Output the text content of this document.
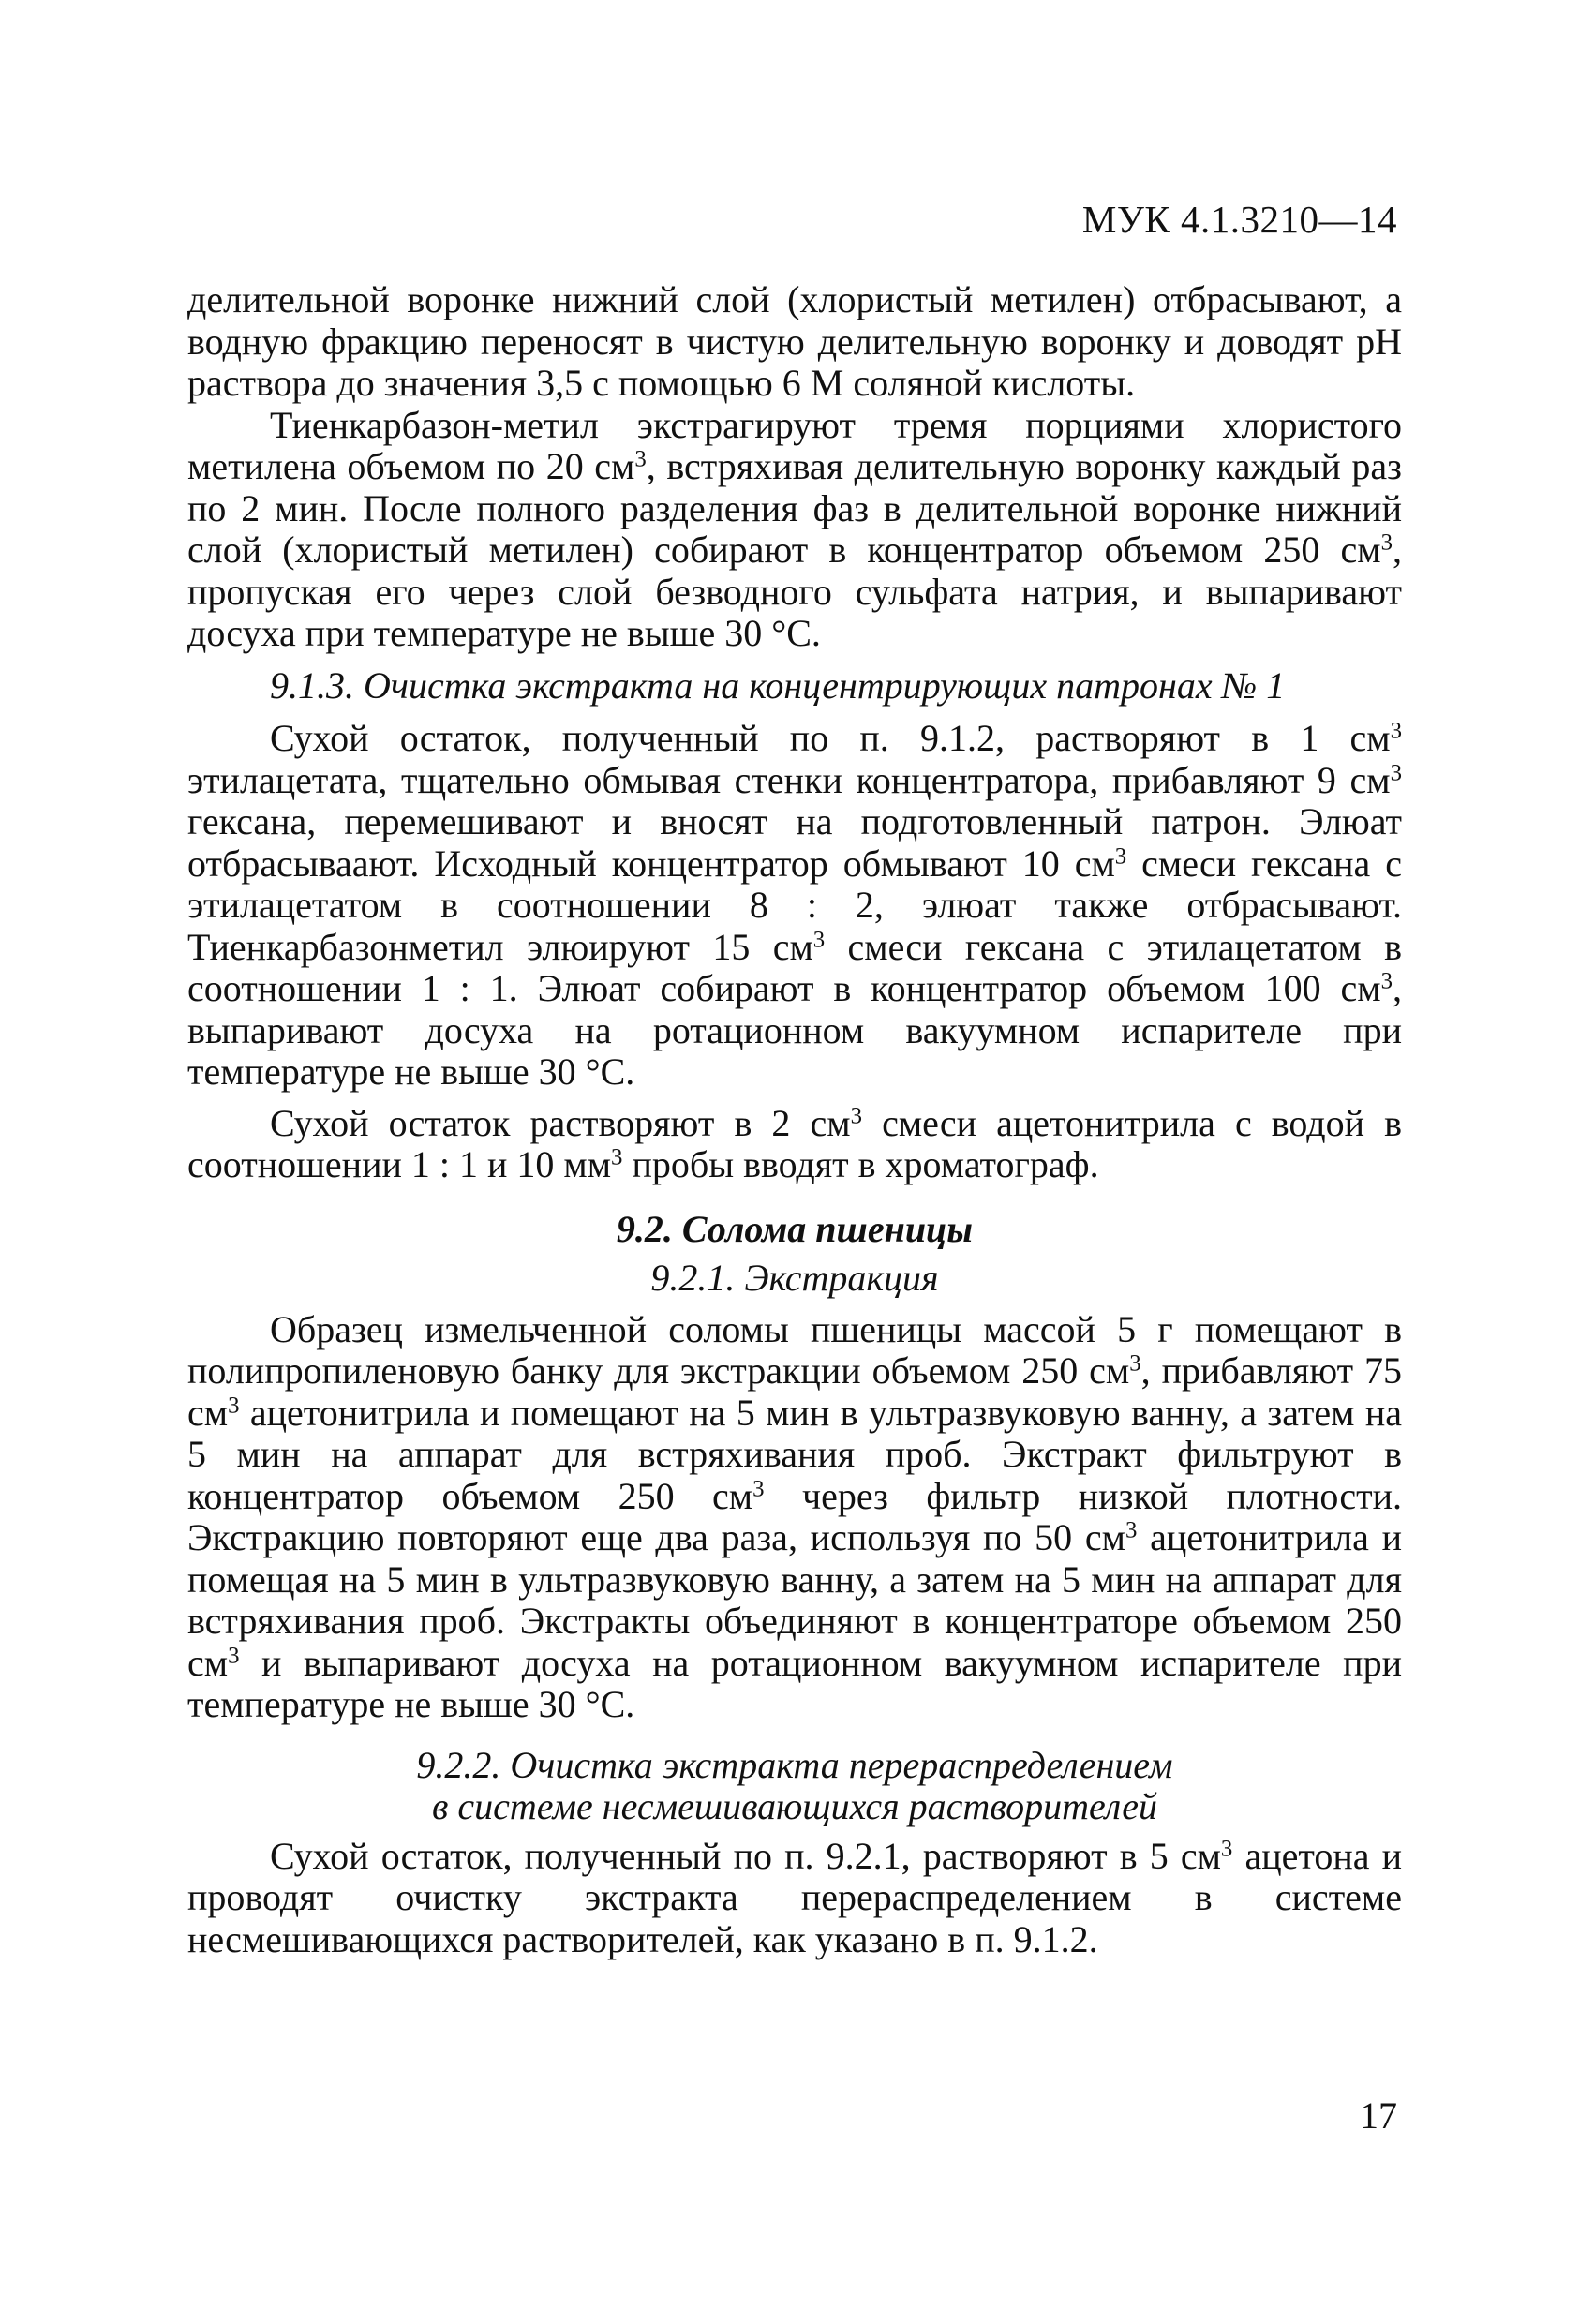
МУК 4.1.3210—14

делительной воронке нижний слой (хлористый метилен) отбрасывают, а водную фракцию переносят в чистую делительную воронку и доводят рН раствора до значения 3,5 с помощью 6 М соляной кислоты.

Тиенкарбазон-метил экстрагируют тремя порциями хлористого метилена объемом по 20 $см^3$, встряхивая делительную воронку каждый раз по 2 мин. После полного разделения фаз в делительной воронке нижний слой (хлористый метилен) собирают в концентратор объемом 250 $см^3$, пропуская его через слой безводного сульфата натрия, и выпаривают досуха при температуре не выше 30 °С.

9.1.3. Очистка экстракта на концентрирующих патронах № 1

Сухой остаток, полученный по п. 9.1.2, растворяют в 1 $см^3$ этилацетата, тщательно обмывая стенки концентратора, прибавляют 9 $см^3$ гексана, перемешивают и вносят на подготовленный патрон. Элюат отбрасываают. Исходный концентратор обмывают 10 $см^3$ смеси гексана с этилацетатом в соотношении 8 : 2, элюат также отбрасывают. Тиенкарбазонметил элюируют 15 $см^3$ смеси гексана с этилацетатом в соотношении 1 : 1. Элюат собирают в концентратор объемом 100 $см^3$, выпаривают досуха на ротационном вакуумном испарителе при температуре не выше 30 °С.

Сухой остаток растворяют в 2 $см^3$ смеси ацетонитрила с водой в соотношении 1 : 1 и 10 $мм^3$ пробы вводят в хроматограф.

9.2. Солома пшеницы

9.2.1. Экстракция

Образец измельченной соломы пшеницы массой 5 г помещают в полипропиленовую банку для экстракции объемом 250 $см^3$, прибавляют 75 $см^3$ ацетонитрила и помещают на 5 мин в ультразвуковую ванну, а затем на 5 мин на аппарат для встряхивания проб. Экстракт фильтруют в концентратор объемом 250 $см^3$ через фильтр низкой плотности. Экстракцию повторяют еще два раза, используя по 50 $см^3$ ацетонитрила и помещая на 5 мин в ультразвуковую ванну, а затем на 5 мин на аппарат для встряхивания проб. Экстракты объединяют в концентраторе объемом 250 $см^3$ и выпаривают досуха на ротационном вакуумном испарителе при температуре не выше 30 °С.

9.2.2. Очистка экстракта перераспределением
в системе несмешивающихся растворителей

Сухой остаток, полученный по п. 9.2.1, растворяют в 5 $см^3$ ацетона и проводят очистку экстракта перераспределением в системе несмешивающихся растворителей, как указано в п. 9.1.2.

17
